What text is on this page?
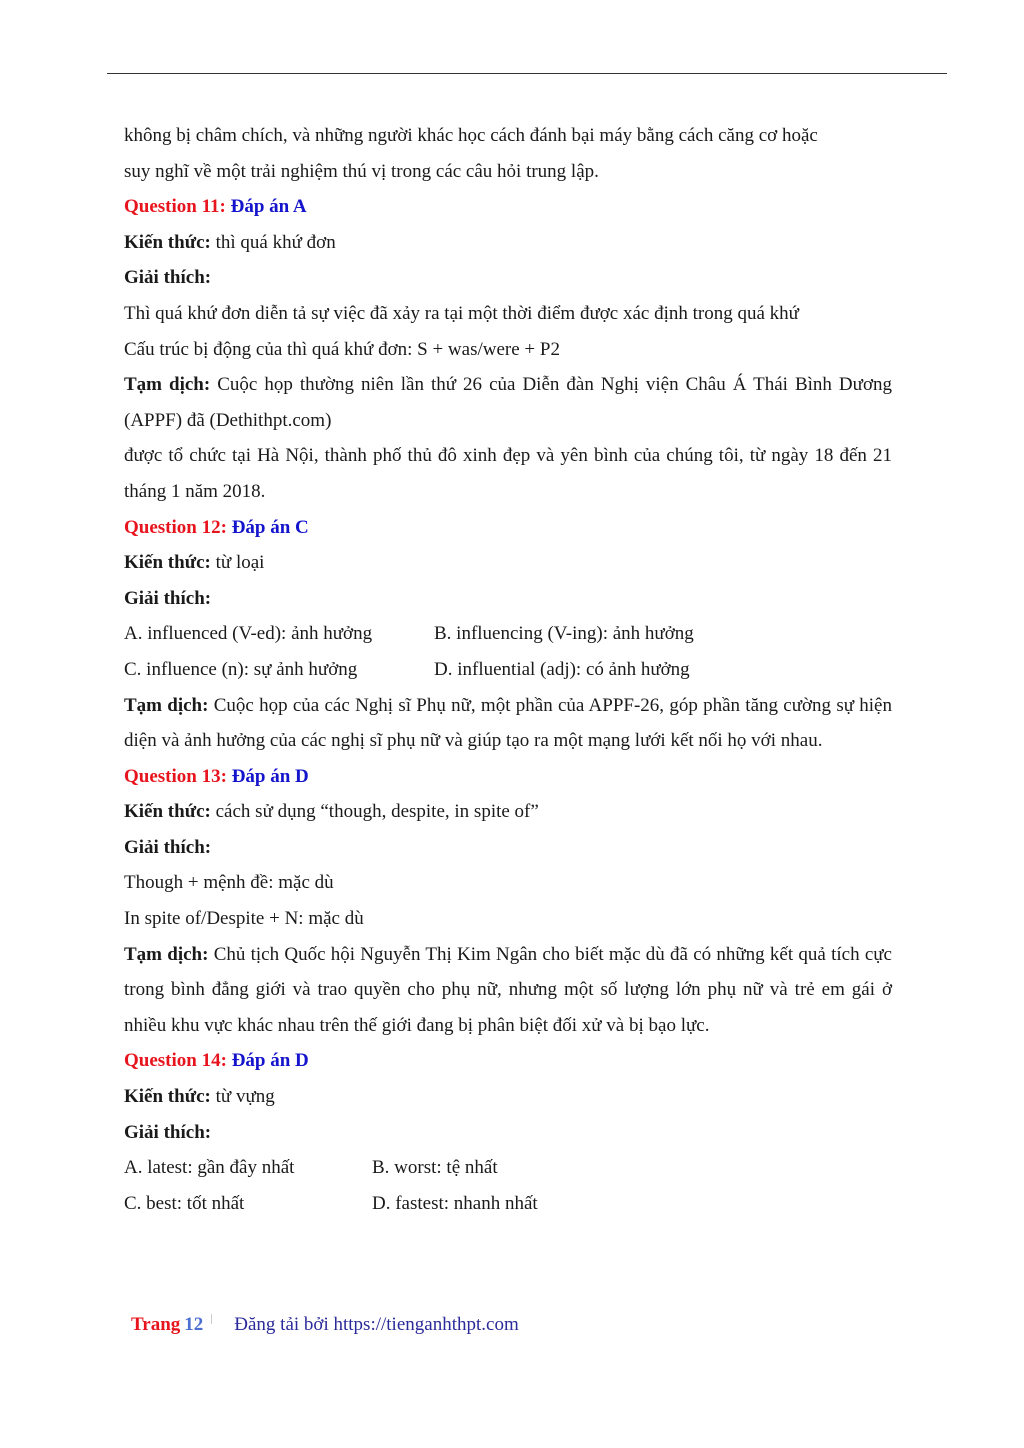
không bị châm chích, và những người khác học cách đánh bại máy bằng cách căng cơ hoặc
suy nghĩ về một trải nghiệm thú vị trong các câu hỏi trung lập.
Question 11: Đáp án A
Kiến thức: thì quá khứ đơn
Giải thích:
Thì quá khứ đơn diễn tả sự việc đã xảy ra tại một thời điểm được xác định trong quá khứ
Cấu trúc bị động của thì quá khứ đơn: S + was/were + P2
Tạm dịch: Cuộc họp thường niên lần thứ 26 của Diễn đàn Nghị viện Châu Á Thái Bình Dương (APPF) đã (Dethithpt.com)
được tổ chức tại Hà Nội, thành phố thủ đô xinh đẹp và yên bình của chúng tôi, từ ngày 18 đến 21 tháng 1 năm 2018.
Question 12: Đáp án C
Kiến thức: từ loại
Giải thích:
A. influenced (V-ed): ảnh hưởng	B. influencing (V-ing): ảnh hưởng
C. influence (n): sự ảnh hưởng	D. influential (adj): có ảnh hưởng
Tạm dịch: Cuộc họp của các Nghị sĩ Phụ nữ, một phần của APPF-26, góp phần tăng cường sự hiện diện và ảnh hưởng của các nghị sĩ phụ nữ và giúp tạo ra một mạng lưới kết nối họ với nhau.
Question 13: Đáp án D
Kiến thức: cách sử dụng “though, despite, in spite of”
Giải thích:
Though + mệnh đề: mặc dù
In spite of/Despite + N: mặc dù
Tạm dịch: Chủ tịch Quốc hội Nguyễn Thị Kim Ngân cho biết mặc dù đã có những kết quả tích cực trong bình đẳng giới và trao quyền cho phụ nữ, nhưng một số lượng lớn phụ nữ và trẻ em gái ở nhiều khu vực khác nhau trên thế giới đang bị phân biệt đối xử và bị bạo lực.
Question 14: Đáp án D
Kiến thức: từ vựng
Giải thích:
A. latest: gần đây nhất	B. worst: tệ nhất
C. best: tốt nhất	D. fastest: nhanh nhất
Trang 12 Đăng tải bởi https://tienganhthpt.com
